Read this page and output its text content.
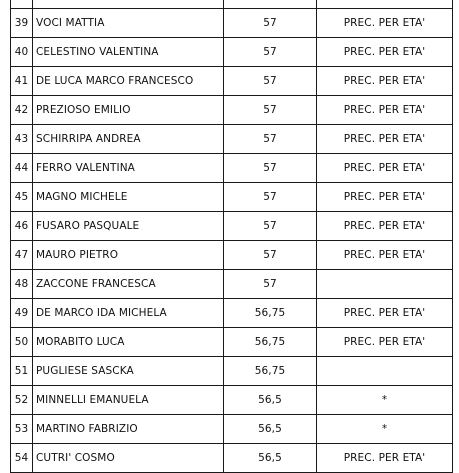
39	VOCI MATTIA	57	PREC. PER ETA'
40	CELESTINO VALENTINA	57	PREC. PER ETA'
41	DE LUCA MARCO FRANCESCO	57	PREC. PER ETA'
42	PREZIOSO EMILIO	57	PREC. PER ETA'
43	SCHIRRIPA ANDREA	57	PREC. PER ETA'
44	FERRO VALENTINA	57	PREC. PER ETA'
45	MAGNO MICHELE	57	PREC. PER ETA'
46	FUSARO PASQUALE	57	PREC. PER ETA'
47	MAURO PIETRO	57	PREC. PER ETA'
48	ZACCONE FRANCESCA	57	
49	DE MARCO IDA MICHELA	56,75	PREC. PER ETA'
50	MORABITO LUCA	56,75	PREC. PER ETA'
51	PUGLIESE SASCKA	56,75	
52	MINNELLI EMANUELA	56,5	*
53	MARTINO FABRIZIO	56,5	*
54	CUTRI' COSMO	56,5	PREC. PER ETA'
